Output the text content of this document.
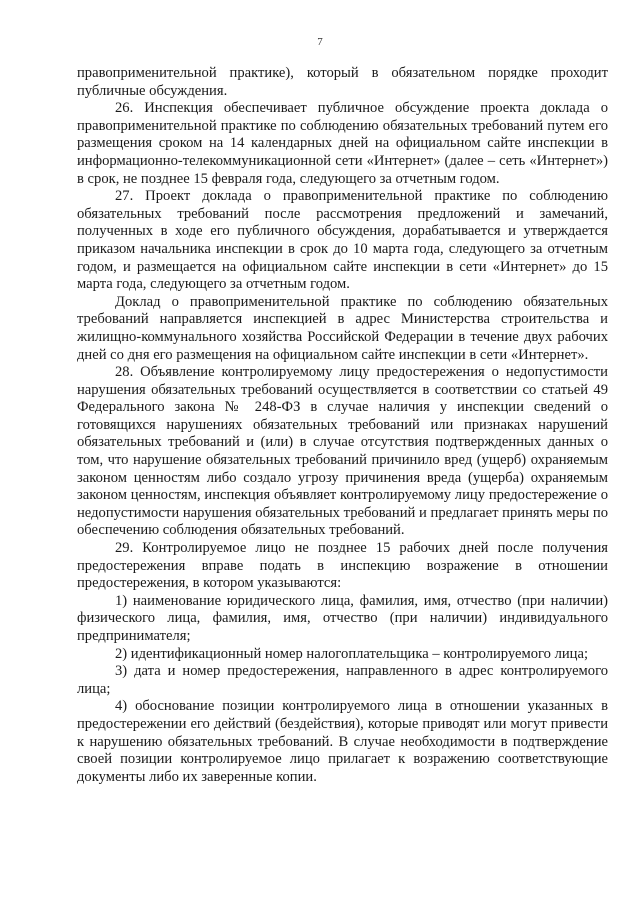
7

правоприменительной практике), который в обязательном порядке проходит публичные обсуждения.

26. Инспекция обеспечивает публичное обсуждение проекта доклада о правоприменительной практике по соблюдению обязательных требований путем его размещения сроком на 14 календарных дней на официальном сайте инспекции в информационно-телекоммуникационной сети «Интернет» (далее – сеть «Интернет») в срок, не позднее 15 февраля года, следующего за отчетным годом.

27. Проект доклада о правоприменительной практике по соблюдению обязательных требований после рассмотрения предложений и замечаний, полученных в ходе его публичного обсуждения, дорабатывается и утверждается приказом начальника инспекции в срок до 10 марта года, следующего за отчетным годом, и размещается на официальном сайте инспекции в сети «Интернет» до 15 марта года, следующего за отчетным годом.

Доклад о правоприменительной практике по соблюдению обязательных требований направляется инспекцией в адрес Министерства строительства и жилищно-коммунального хозяйства Российской Федерации в течение двух рабочих дней со дня его размещения на официальном сайте инспекции в сети «Интернет».

28. Объявление контролируемому лицу предостережения о недопустимости нарушения обязательных требований осуществляется в соответствии со статьей 49 Федерального закона № 248-ФЗ в случае наличия у инспекции сведений о готовящихся нарушениях обязательных требований или признаках нарушений обязательных требований и (или) в случае отсутствия подтвержденных данных о том, что нарушение обязательных требований причинило вред (ущерб) охраняемым законом ценностям либо создало угрозу причинения вреда (ущерба) охраняемым законом ценностям, инспекция объявляет контролируемому лицу предостережение о недопустимости нарушения обязательных требований и предлагает принять меры по обеспечению соблюдения обязательных требований.

29. Контролируемое лицо не позднее 15 рабочих дней после получения предостережения вправе подать в инспекцию возражение в отношении предостережения, в котором указываются:

1) наименование юридического лица, фамилия, имя, отчество (при наличии) физического лица, фамилия, имя, отчество (при наличии) индивидуального предпринимателя;

2) идентификационный номер налогоплательщика – контролируемого лица;

3) дата и номер предостережения, направленного в адрес контролируемого лица;

4) обоснование позиции контролируемого лица в отношении указанных в предостережении его действий (бездействия), которые приводят или могут привести к нарушению обязательных требований. В случае необходимости в подтверждение своей позиции контролируемое лицо прилагает к возражению соответствующие документы либо их заверенные копии.
